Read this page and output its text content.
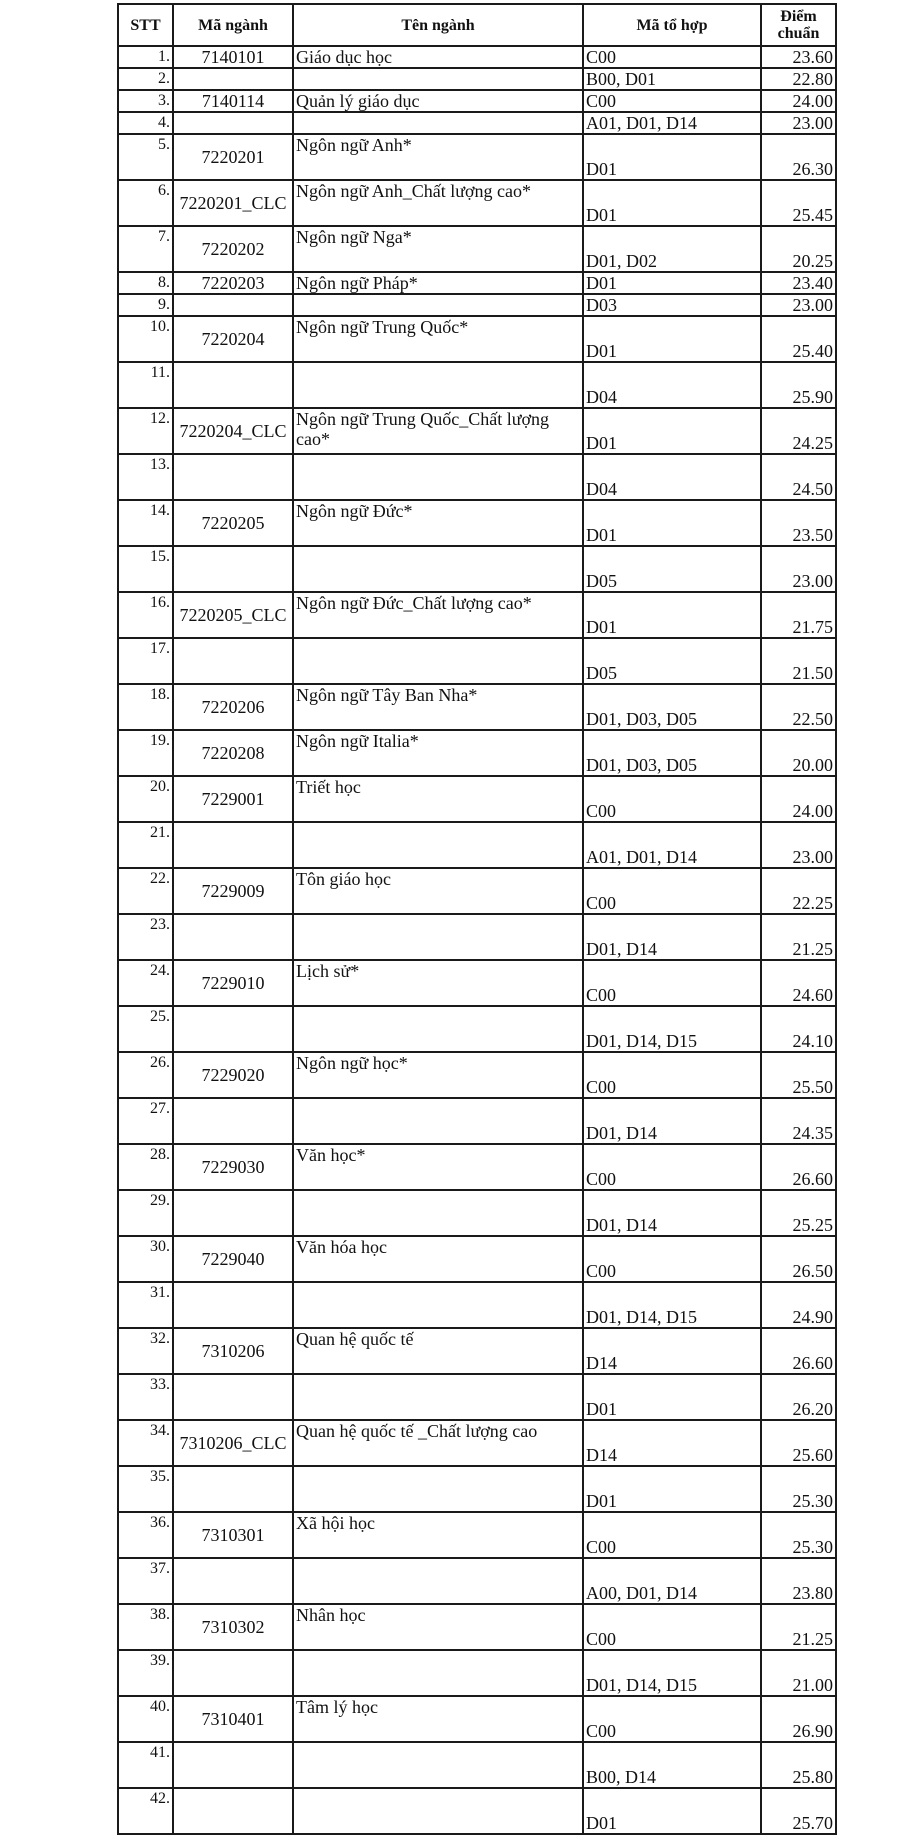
STT	Mã ngành	Tên ngành	Mã tổ hợp	Điểm
chuẩn
1.	7140101	Giáo dục học	C00	23.60
2.			B00, D01	22.80
3.	7140114	Quản lý giáo dục	C00	24.00
4.			A01, D01, D14	23.00
5.	7220201	Ngôn ngữ Anh*	D01	26.30
6.	7220201_CLC	Ngôn ngữ Anh_Chất lượng cao*	D01	25.45
7.	7220202	Ngôn ngữ Nga*	D01, D02	20.25
8.	7220203	Ngôn ngữ Pháp*	D01	23.40
9.			D03	23.00
10.	7220204	Ngôn ngữ Trung Quốc*	D01	25.40
11.			D04	25.90
12.	7220204_CLC	Ngôn ngữ Trung Quốc_Chất lượng cao*	D01	24.25
13.			D04	24.50
14.	7220205	Ngôn ngữ Đức*	D01	23.50
15.			D05	23.00
16.	7220205_CLC	Ngôn ngữ Đức_Chất lượng cao*	D01	21.75
17.			D05	21.50
18.	7220206	Ngôn ngữ Tây Ban Nha*	D01, D03, D05	22.50
19.	7220208	Ngôn ngữ Italia*	D01, D03, D05	20.00
20.	7229001	Triết học	C00	24.00
21.			A01, D01, D14	23.00
22.	7229009	Tôn giáo học	C00	22.25
23.			D01, D14	21.25
24.	7229010	Lịch sử*	C00	24.60
25.			D01, D14, D15	24.10
26.	7229020	Ngôn ngữ học*	C00	25.50
27.			D01, D14	24.35
28.	7229030	Văn học*	C00	26.60
29.			D01, D14	25.25
30.	7229040	Văn hóa học	C00	26.50
31.			D01, D14, D15	24.90
32.	7310206	Quan hệ quốc tế	D14	26.60
33.			D01	26.20
34.	7310206_CLC	Quan hệ quốc tế _Chất lượng cao	D14	25.60
35.			D01	25.30
36.	7310301	Xã hội học	C00	25.30
37.			A00, D01, D14	23.80
38.	7310302	Nhân học	C00	21.25
39.			D01, D14, D15	21.00
40.	7310401	Tâm lý học	C00	26.90
41.			B00, D14	25.80
42.			D01	25.70
